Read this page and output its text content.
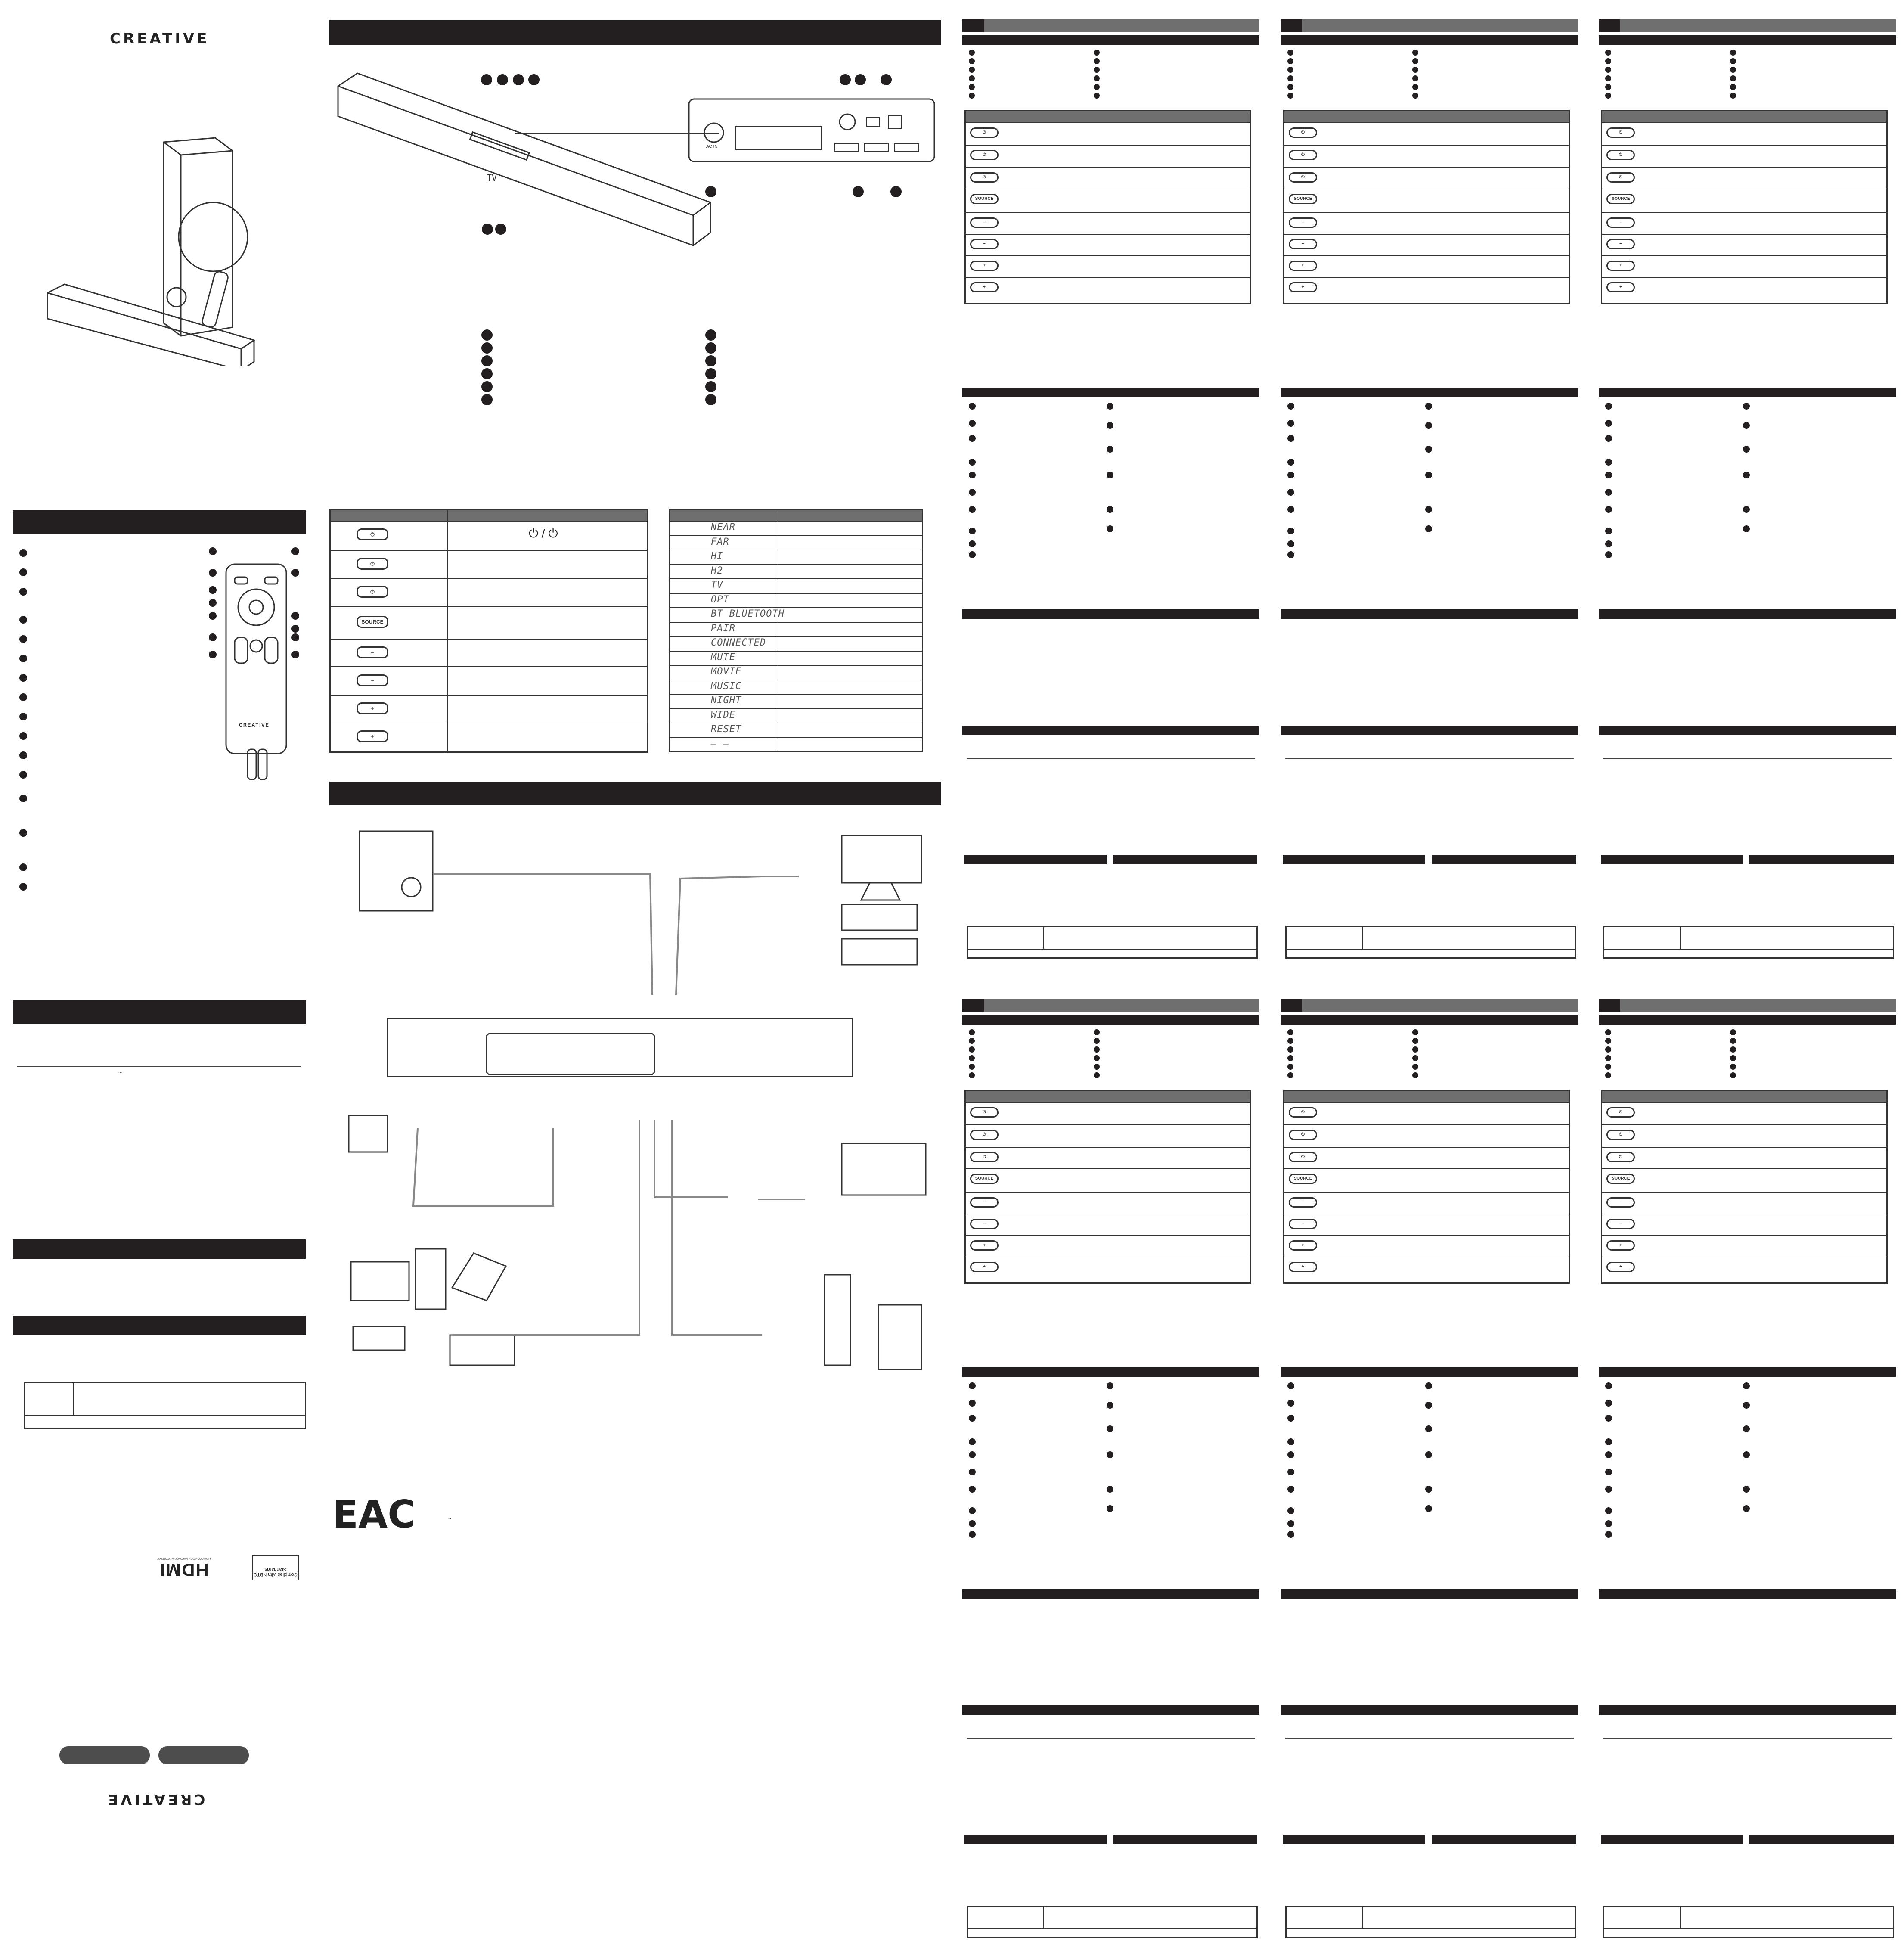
CREATIVE
CREATIVE
~
HDMI
HIGH-DEFINITION MULTIMEDIA INTERFACE
Complies with NBTC Standards
CREATIVE
TV
AC IN
⏻
⏻
⏻
SOURCE
−
−
+
+
⏻ / ⏻	NEAR
FAR
HI
H2
TV
OPT
BT BLUETOOTH
PAIR
CONNECTED
MUTE
MOVIE
MUSIC
NIGHT
WIDE
RESET
– –
EAC	~
⏻
⏻
⏻
SOURCE
−
−
+
+
⏻
⏻
⏻
SOURCE
−
−
+
+
⏻
⏻
⏻
SOURCE
−
−
+
+
⏻
⏻
⏻
SOURCE
−
−
+
+
⏻
⏻
⏻
SOURCE
−
−
+
+
⏻
⏻
⏻
SOURCE
−
−
+
+
